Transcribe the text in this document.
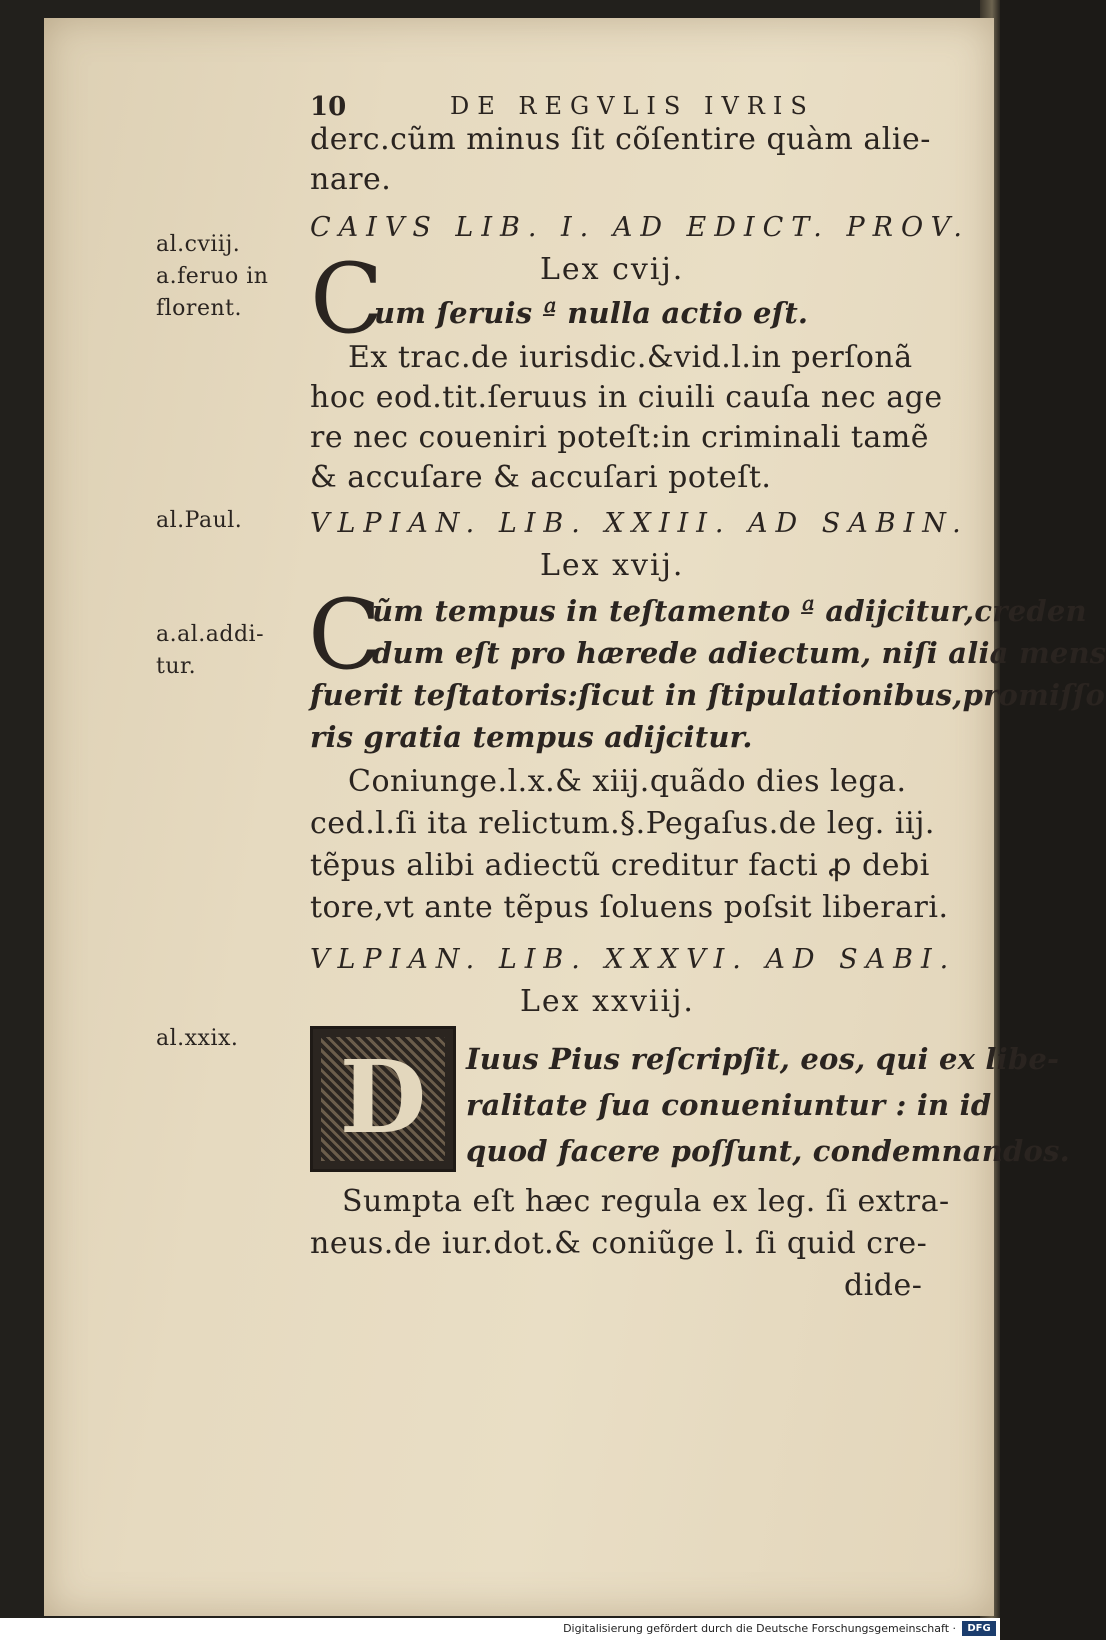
10	DE REGVLIS IVRIS
al.cviij.
a.feruo in
florent.
al.Paul.
a.al.addi-
tur.
al.xxix.
derc.cũm minus ſit cõſentire quàm alie-
nare.
CAIVS LIB. I. AD EDICT. PROV.
Lex cvij.
C
um ſeruis ª nulla actio eſt.
Ex trac.de iurisdic.&vid.l.in perſonã
hoc eod.tit.ſeruus in ciuili cauſa nec age
re nec coueniri poteſt:in criminali tamẽ
& accuſare & accuſari poteſt.
VLPIAN. LIB. XXIII. AD SABIN.
Lex xvij.
C
ũm tempus in teſtamento ª adijcitur,creden
dum eſt pro hærede adiectum, niſi alia mens
fuerit teſtatoris:ſicut in ſtipulationibus,promiſſo
ris gratia tempus adijcitur.
Coniunge.l.x.& xiij.quãdo dies lega.
ced.l.ſi ita relictum.§.Pegaſus.de leg. iij.
tẽpus alibi adiectũ creditur facti ꝓ debi
tore,vt ante tẽpus ſoluens poſsit liberari.
VLPIAN. LIB. XXXVI. AD SABI.
Lex xxviij.
D	Iuus Pius reſcripſit, eos, qui ex libe-
ralitate ſua conueniuntur : in id
quod facere poſſunt, condemnandos.
Sumpta eſt hæc regula ex leg. ſi extra-
neus.de iur.dot.& coniũge l. ſi quid cre-
dide-
Digitalisierung gefördert durch die Deutsche Forschungsgemeinschaft ·	DFG
